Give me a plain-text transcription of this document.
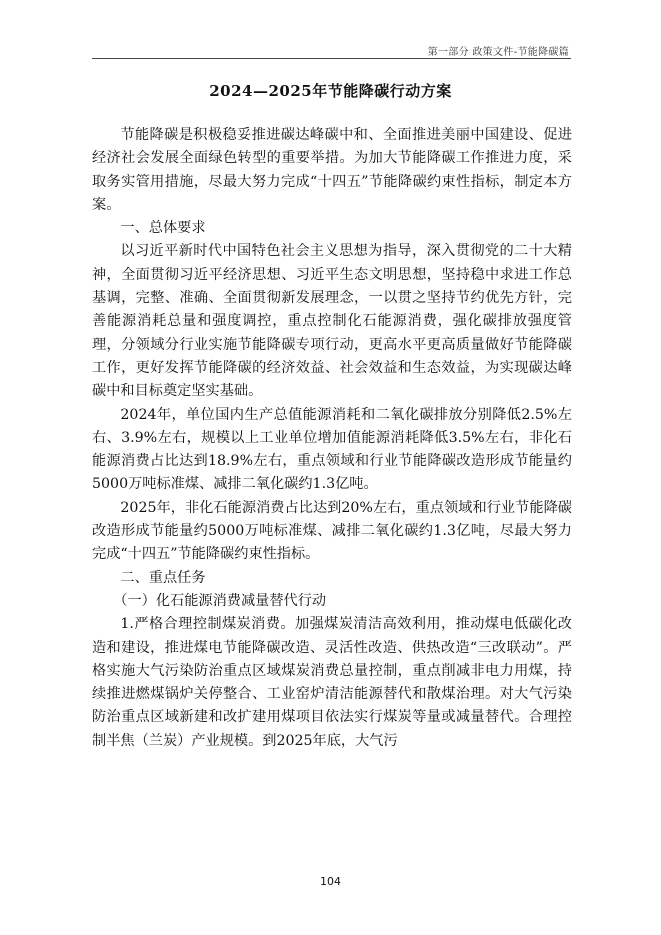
第一部分 政策文件-节能降碳篇
2024—2025年节能降碳行动方案

节能降碳是积极稳妥推进碳达峰碳中和、全面推进美丽中国建设、促进经济社会发展全面绿色转型的重要举措。为加大节能降碳工作推进力度，采取务实管用措施，尽最大努力完成“十四五”节能降碳约束性指标，制定本方案。

一、总体要求

以习近平新时代中国特色社会主义思想为指导，深入贯彻党的二十大精神，全面贯彻习近平经济思想、习近平生态文明思想，坚持稳中求进工作总基调，完整、准确、全面贯彻新发展理念，一以贯之坚持节约优先方针，完善能源消耗总量和强度调控，重点控制化石能源消费，强化碳排放强度管理，分领域分行业实施节能降碳专项行动，更高水平更高质量做好节能降碳工作，更好发挥节能降碳的经济效益、社会效益和生态效益，为实现碳达峰碳中和目标奠定坚实基础。

2024年，单位国内生产总值能源消耗和二氧化碳排放分别降低2.5%左右、3.9%左右，规模以上工业单位增加值能源消耗降低3.5%左右，非化石能源消费占比达到18.9%左右，重点领域和行业节能降碳改造形成节能量约5000万吨标准煤、减排二氧化碳约1.3亿吨。

2025年，非化石能源消费占比达到20%左右，重点领域和行业节能降碳改造形成节能量约5000万吨标准煤、减排二氧化碳约1.3亿吨，尽最大努力完成“十四五”节能降碳约束性指标。

二、重点任务

（一）化石能源消费减量替代行动

1.严格合理控制煤炭消费。加强煤炭清洁高效利用，推动煤电低碳化改造和建设，推进煤电节能降碳改造、灵活性改造、供热改造“三改联动”。严格实施大气污染防治重点区域煤炭消费总量控制，重点削减非电力用煤，持续推进燃煤锅炉关停整合、工业窑炉清洁能源替代和散煤治理。对大气污染防治重点区域新建和改扩建用煤项目依法实行煤炭等量或减量替代。合理控制半焦（兰炭）产业规模。到2025年底，大气污

104
